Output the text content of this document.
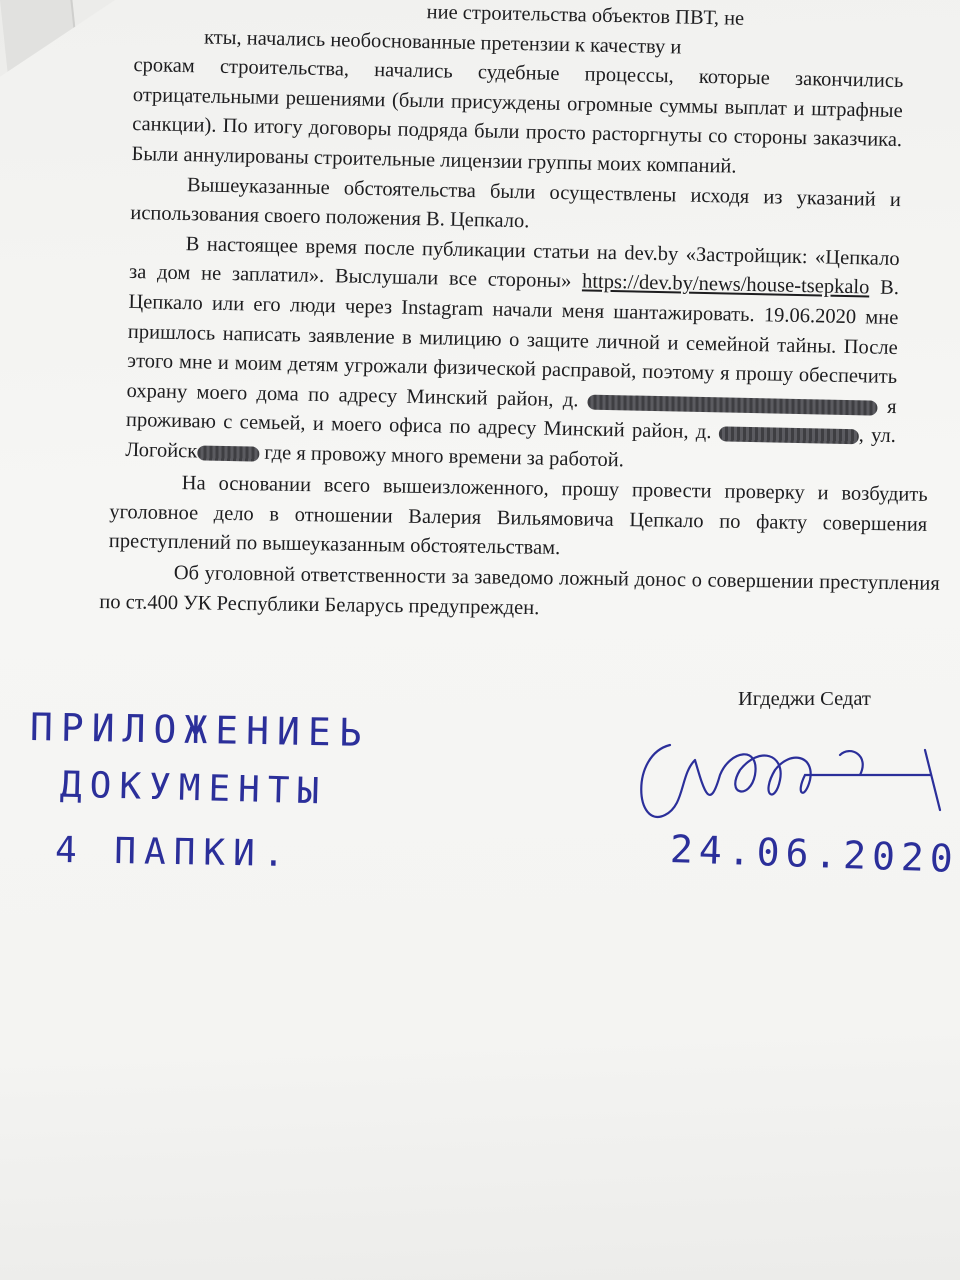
ние строительства объектов ПВТ, не

кты, начались необоснованные претензии к качеству и

срокам строительства, начались судебные процессы, которые закончились отрицательными решениями (были присуждены огромные суммы выплат и штрафные санкции). По итогу договоры подряда были просто расторгнуты со стороны заказчика. Были аннулированы строительные лицензии группы моих компаний.

Вышеуказанные обстоятельства были осуществлены исходя из указаний и использования своего положения В. Цепкало.

В настоящее время после публикации статьи на dev.by «Застройщик: «Цепкало за дом не заплатил». Выслушали все стороны» https://dev.by/news/house-tsepkalo В. Цепкало или его люди через Instagram начали меня шантажировать. 19.06.2020 мне пришлось написать заявление в милицию о защите личной и семейной тайны. После этого мне и моим детям угрожали физической расправой, поэтому я прошу обеспечить охрану моего дома по адресу Минский район, д.	я проживаю с семьей, и моего офиса по адресу Минский район, д.	, ул. Логойск	где я провожу много времени за работой.

Об уголовной ответственности за заведомо ложный донос о совершении преступления по ст.400 УК Республики Беларусь предупрежден.

На основании всего вышеизложенного, прошу провести проверку и возбудить уголовное дело в отношении Валерия Вильямовича Цепкало по факту совершения преступлений по вышеуказанным обстоятельствам.

Игдеджи Седат
ПРИЛОЖЕНИЕЬ
ДОКУМЕНТЫ
4 ПАПКИ.	24.06.2020
